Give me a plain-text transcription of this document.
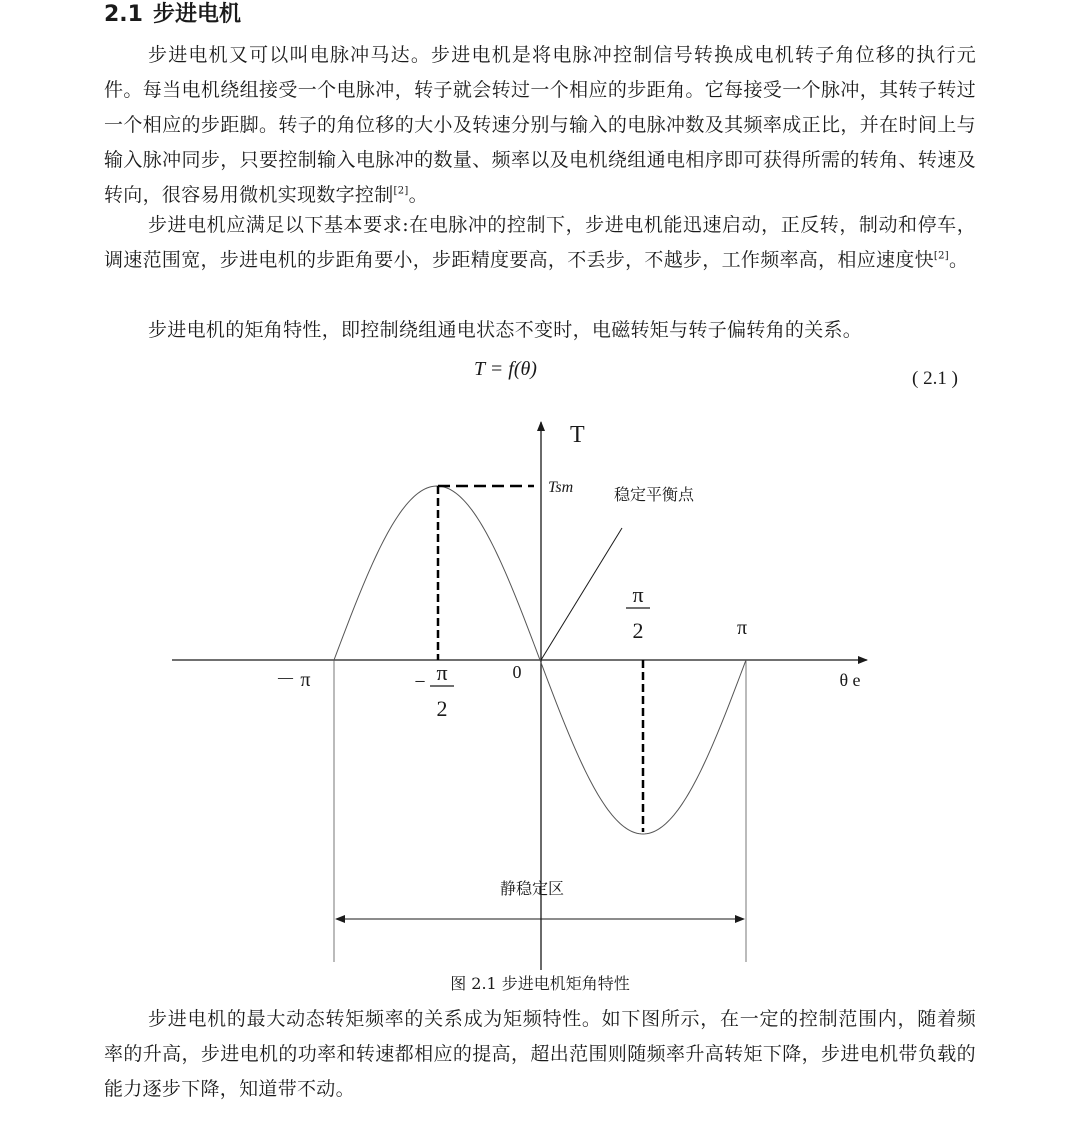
2.1 步进电机

步进电机又可以叫电脉冲马达。步进电机是将电脉冲控制信号转换成电机转子角位移的执行元件。每当电机绕组接受一个电脉冲，转子就会转过一个相应的步距角。它每接受一个脉冲，其转子转过一个相应的步距脚。转子的角位移的大小及转速分别与输入的电脉冲数及其频率成正比，并在时间上与输入脉冲同步，只要控制输入电脉冲的数量、频率以及电机绕组通电相序即可获得所需的转角、转速及转向，很容易用微机实现数字控制[2]。

步进电机应满足以下基本要求:在电脉冲的控制下，步进电机能迅速启动，正反转，制动和停车，调速范围宽，步进电机的步距角要小，步距精度要高，不丢步，不越步，工作频率高，相应速度快[2]。

步进电机的矩角特性，即控制绕组通电状态不变时，电磁转矩与转子偏转角的关系。

T = f(θ)	( 2.1 )

T
Tsm	稳定平衡点
π
2	π
－ π	− π
2
0	θ e
静稳定区

图 2.1 步进电机矩角特性

步进电机的最大动态转矩频率的关系成为矩频特性。如下图所示，在一定的控制范围内，随着频率的升高，步进电机的功率和转速都相应的提高，超出范围则随频率升高转矩下降，步进电机带负载的能力逐步下降，知道带不动。
